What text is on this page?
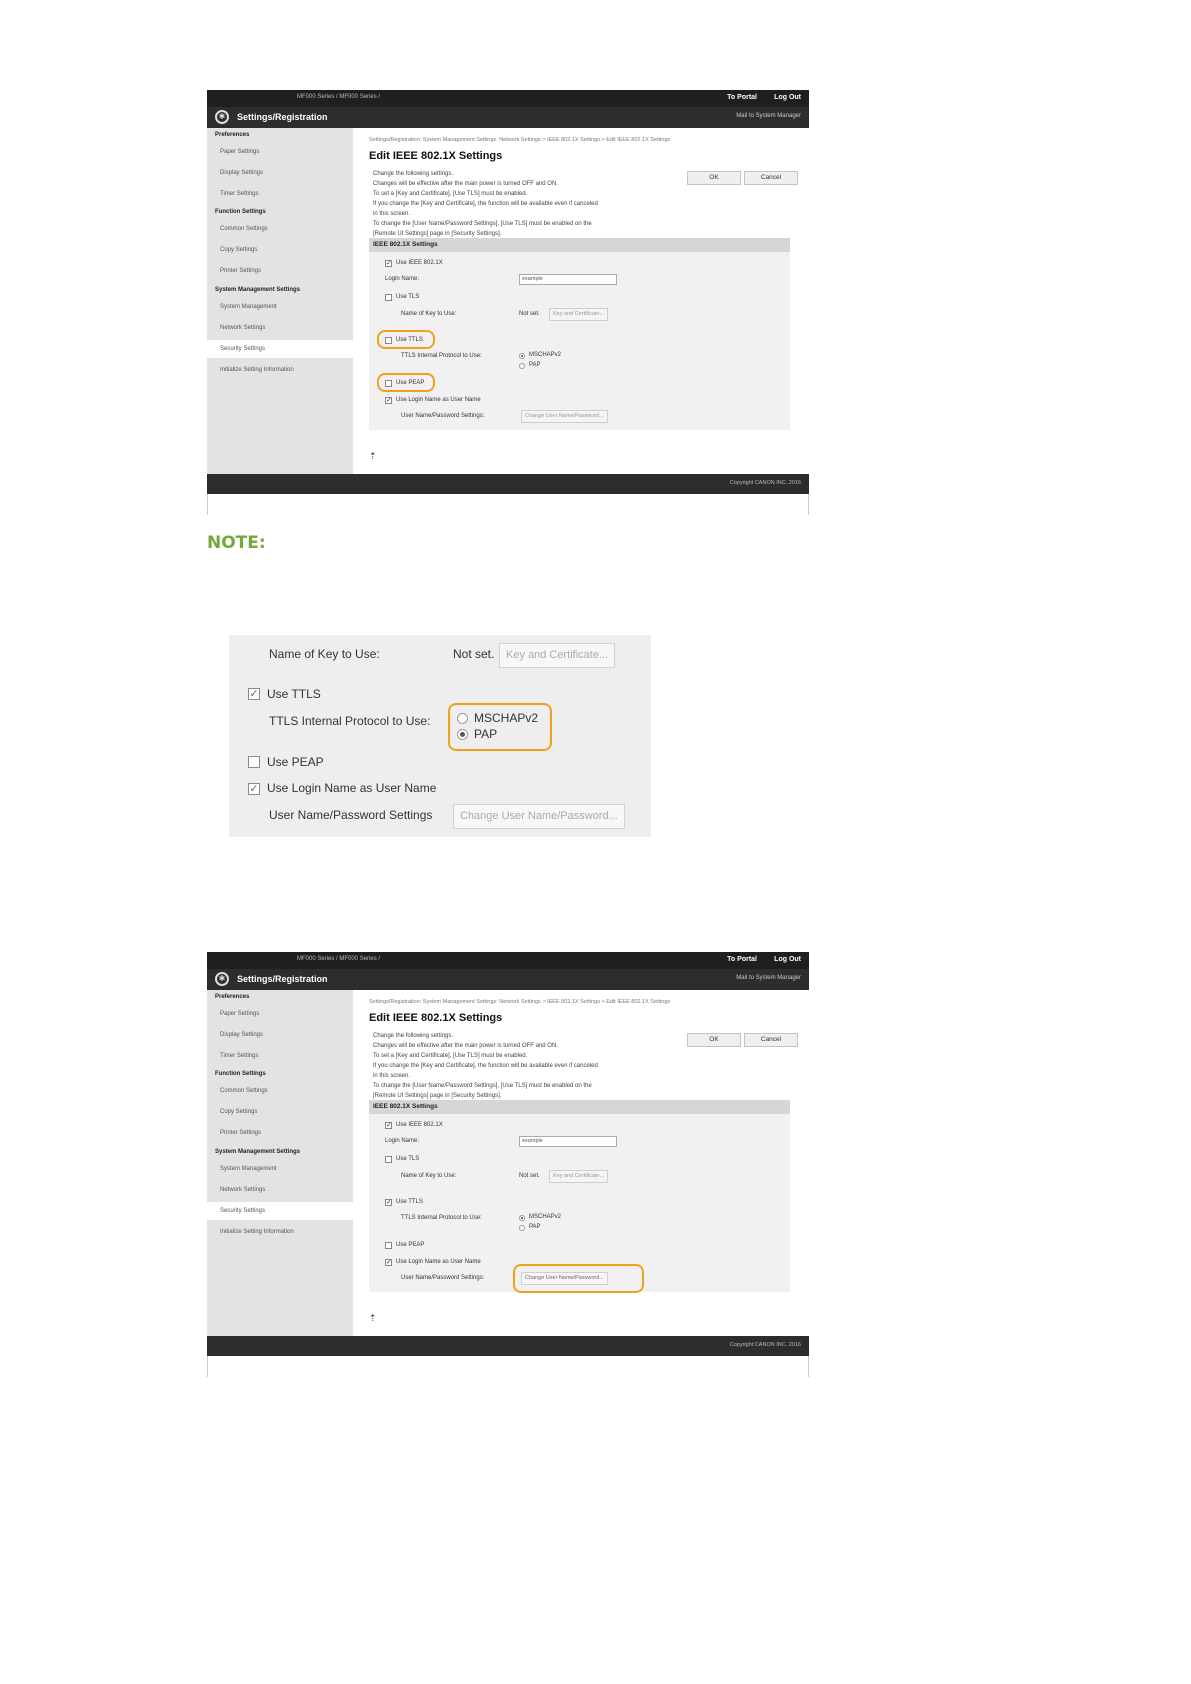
MF000 Series / MF000 Series /	To Portal Log Out
✱	Settings/Registration	Mail to System Manager
Preferences
Paper Settings
Display Settings
Timer Settings
Function Settings
Common Settings
Copy Settings
Printer Settings
System Management Settings
System Management
Network Settings
Security Settings
Initialize Setting Information
Settings/Registration: System Management Settings: Network Settings > IEEE 802.1X Settings > Edit IEEE 802.1X Settings
Edit IEEE 802.1X Settings
Change the following settings.
Changes will be effective after the main power is turned OFF and ON.
To set a [Key and Certificate], [Use TLS] must be enabled.
If you change the [Key and Certificate], the function will be available even if canceled
in this screen.
To change the [User Name/Password Settings], [Use TLS] must be enabled on the
[Remote UI Settings] page in [Security Settings].
OK	Cancel
IEEE 802.1X Settings
✓ Use IEEE 802.1X
Login Name:	example
Use TLS
Name of Key to Use:	Not set.	Key and Certificate...
Use TTLS
TTLS Internal Protocol to Use:	MSCHAPv2
PAP
Use PEAP
✓ Use Login Name as User Name
User Name/Password Settings:	Change User Name/Password...
⇡
Copyright CANON INC. 2016
NOTE:
Name of Key to Use:	Not set.	Key and Certificate...
✓ Use TTLS
TTLS Internal Protocol to Use:	MSCHAPv2
PAP
Use PEAP
✓ Use Login Name as User Name
User Name/Password Settings	Change User Name/Password...
MF000 Series / MF000 Series /	To Portal Log Out
✱	Settings/Registration	Mail to System Manager
Preferences
Paper Settings
Display Settings
Timer Settings
Function Settings
Common Settings
Copy Settings
Printer Settings
System Management Settings
System Management
Network Settings
Security Settings
Initialize Setting Information
Settings/Registration: System Management Settings: Network Settings > IEEE 802.1X Settings > Edit IEEE 802.1X Settings
Edit IEEE 802.1X Settings
Change the following settings.
Changes will be effective after the main power is turned OFF and ON.
To set a [Key and Certificate], [Use TLS] must be enabled.
If you change the [Key and Certificate], the function will be available even if canceled
in this screen.
To change the [User Name/Password Settings], [Use TLS] must be enabled on the
[Remote UI Settings] page in [Security Settings].
OK	Cancel
IEEE 802.1X Settings
✓ Use IEEE 802.1X
Login Name:	example
Use TLS
Name of Key to Use:	Not set.	Key and Certificate...
✓ Use TTLS
TTLS Internal Protocol to Use:	MSCHAPv2
PAP
Use PEAP
✓ Use Login Name as User Name
User Name/Password Settings:	Change User Name/Password...
⇡
Copyright CANON INC. 2016
